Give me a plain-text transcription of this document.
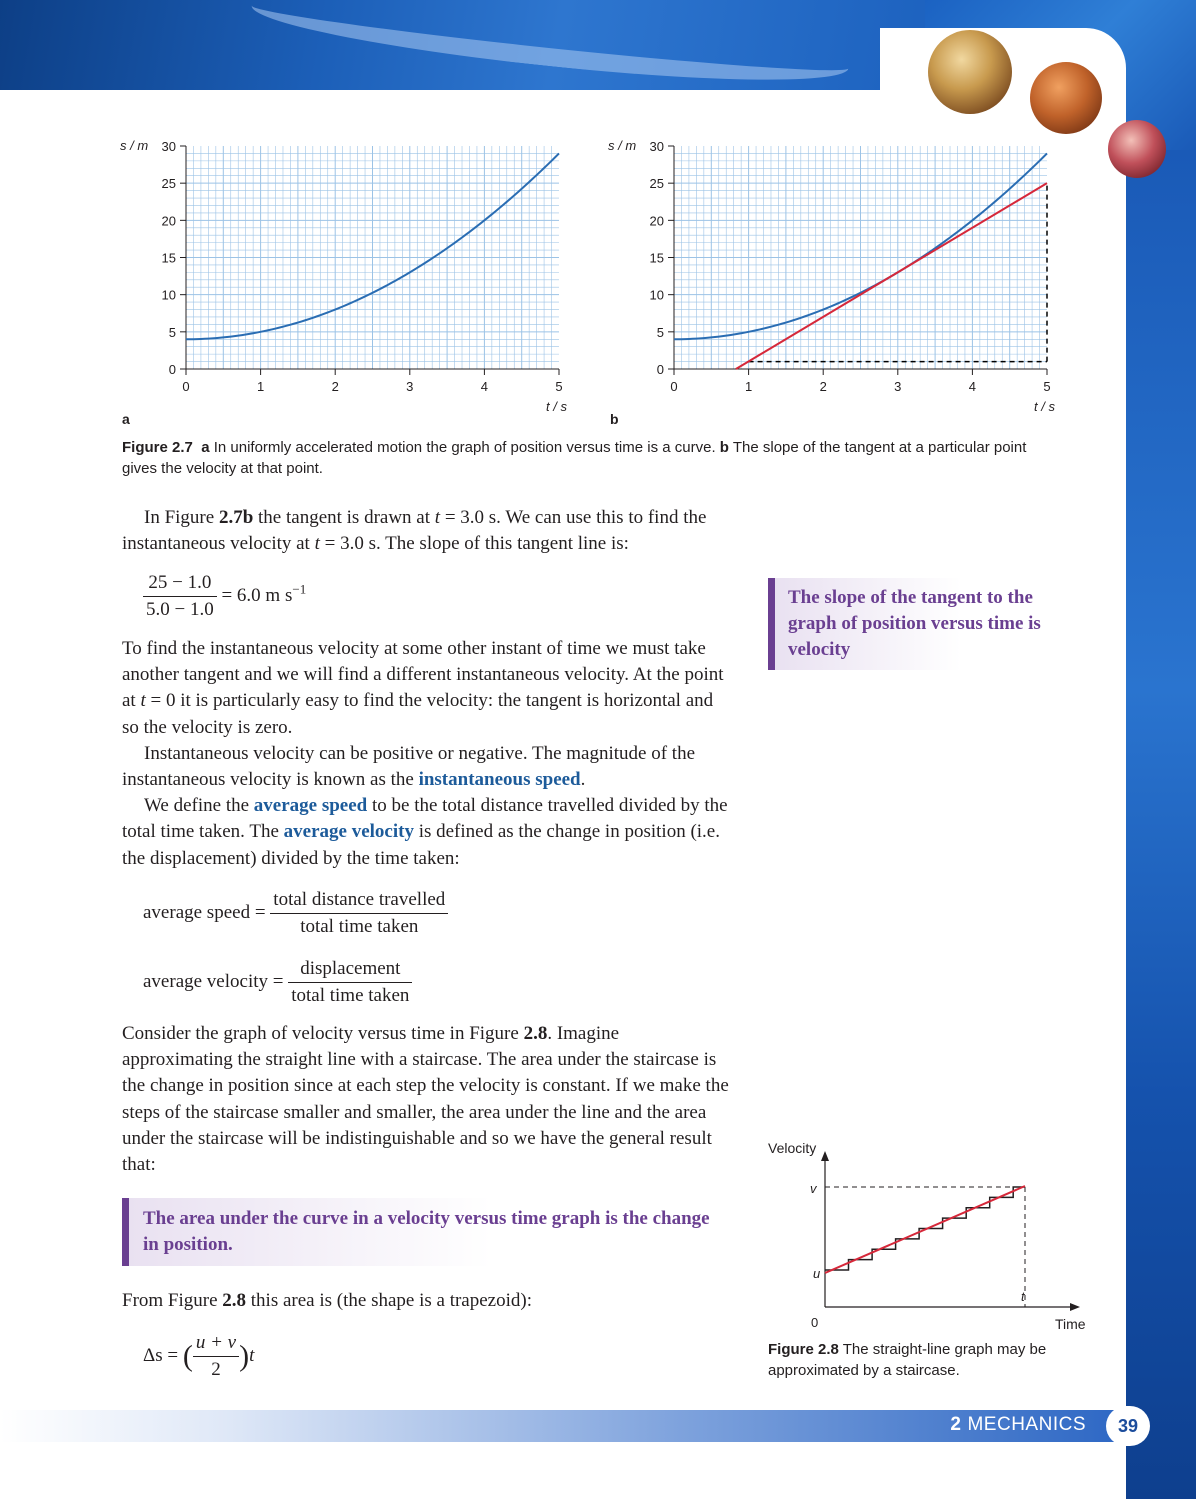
0
5
10
15
20
25
30
0	1	2	3	4	5
s / m
t / s
a
0
5
10
15
20
25
30
0	1	2	3	4	5
s / m
t / s
b
Figure 2.7 a In uniformly accelerated motion the graph of position versus time is a curve. b The slope of the tangent at a particular point gives the velocity at that point.

In Figure 2.7b the tangent is drawn at t = 3.0 s. We can use this to find the instantaneous velocity at t = 3.0 s. The slope of this tangent line is:

$\frac{25 - 1.0}{5.0 - 1.0} = 6.0$ m $s^{-1}$

To find the instantaneous velocity at some other instant of time we must take another tangent and we will find a different instantaneous velocity. At the point at t = 0 it is particularly easy to find the velocity: the tangent is horizontal and so the velocity is zero.

Instantaneous velocity can be positive or negative. The magnitude of the instantaneous velocity is known as the instantaneous speed.

We define the average speed to be the total distance travelled divided by the total time taken. The average velocity is defined as the change in position (i.e. the displacement) divided by the time taken:

average speed = $\frac{\text{total distance travelled}}{\text{total time taken}}$
average velocity = $\frac{\text{displacement}}{\text{total time taken}}$

Consider the graph of velocity versus time in Figure 2.8. Imagine approximating the straight line with a staircase. The area under the staircase is the change in position since at each step the velocity is constant. If we make the steps of the staircase smaller and smaller, the area under the line and the area under the staircase will be indistinguishable and so we have the general result that:

The area under the curve in a velocity versus time graph is the change in position.

From Figure 2.8 this area is (the shape is a trapezoid):

Δs = ( $\frac{u + v}{2} )t$
The slope of the tangent to the graph of position versus time is velocity
Velocity
Time
0
u
v
t
Figure 2.8 The straight-line graph may be approximated by a staircase.
2 MECHANICS	39
